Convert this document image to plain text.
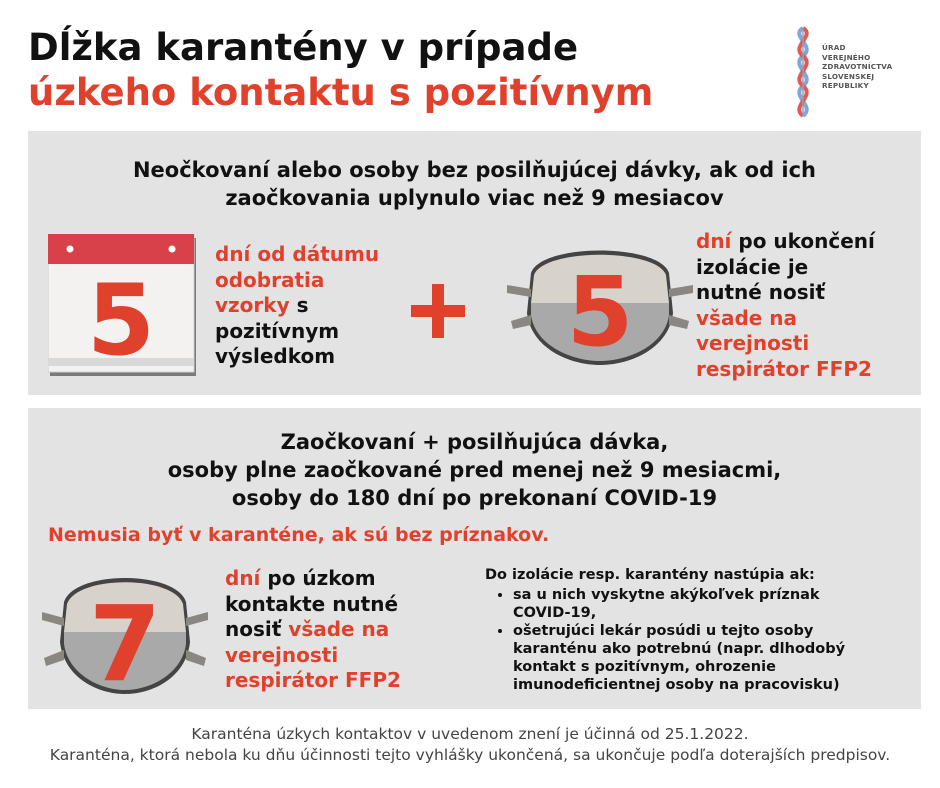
Dĺžka karantény v prípade
úzkeho kontaktu s pozitívnym
ÚRAD
VEREJNÉHO
ZDRAVOTNÍCTVA
SLOVENSKEJ
REPUBLIKY
Neočkovaní alebo osoby bez posilňujúcej dávky, ak od ich
zaočkovania uplynulo viac než 9 mesiacov
5
dní od dátumu
odobratia
vzorky s
pozitívnym
výsledkom	5
dní po ukončení
izolácie je
nutné nosiť
všade na
verejnosti
respirátor FFP2
Zaočkovaní + posilňujúca dávka,
osoby plne zaočkované pred menej než 9 mesiacmi,
osoby do 180 dní po prekonaní COVID-19
Nemusia byť v karanténe, ak sú bez príznakov.
7
dní po úzkom
kontakte nutné
nosiť všade na
verejnosti
respirátor FFP2
Do izolácie resp. karantény nastúpia ak:
• sa u nich vyskytne akýkoľvek príznak
COVID-19,
• ošetrujúci lekár posúdi u tejto osoby
karanténu ako potrebnú (napr. dlhodobý
kontakt s pozitívnym, ohrozenie
imunodeficientnej osoby na pracovisku)
Karanténa úzkych kontaktov v uvedenom znení je účinná od 25.1.2022.
Karanténa, ktorá nebola ku dňu účinnosti tejto vyhlášky ukončená, sa ukončuje podľa doterajších predpisov.
